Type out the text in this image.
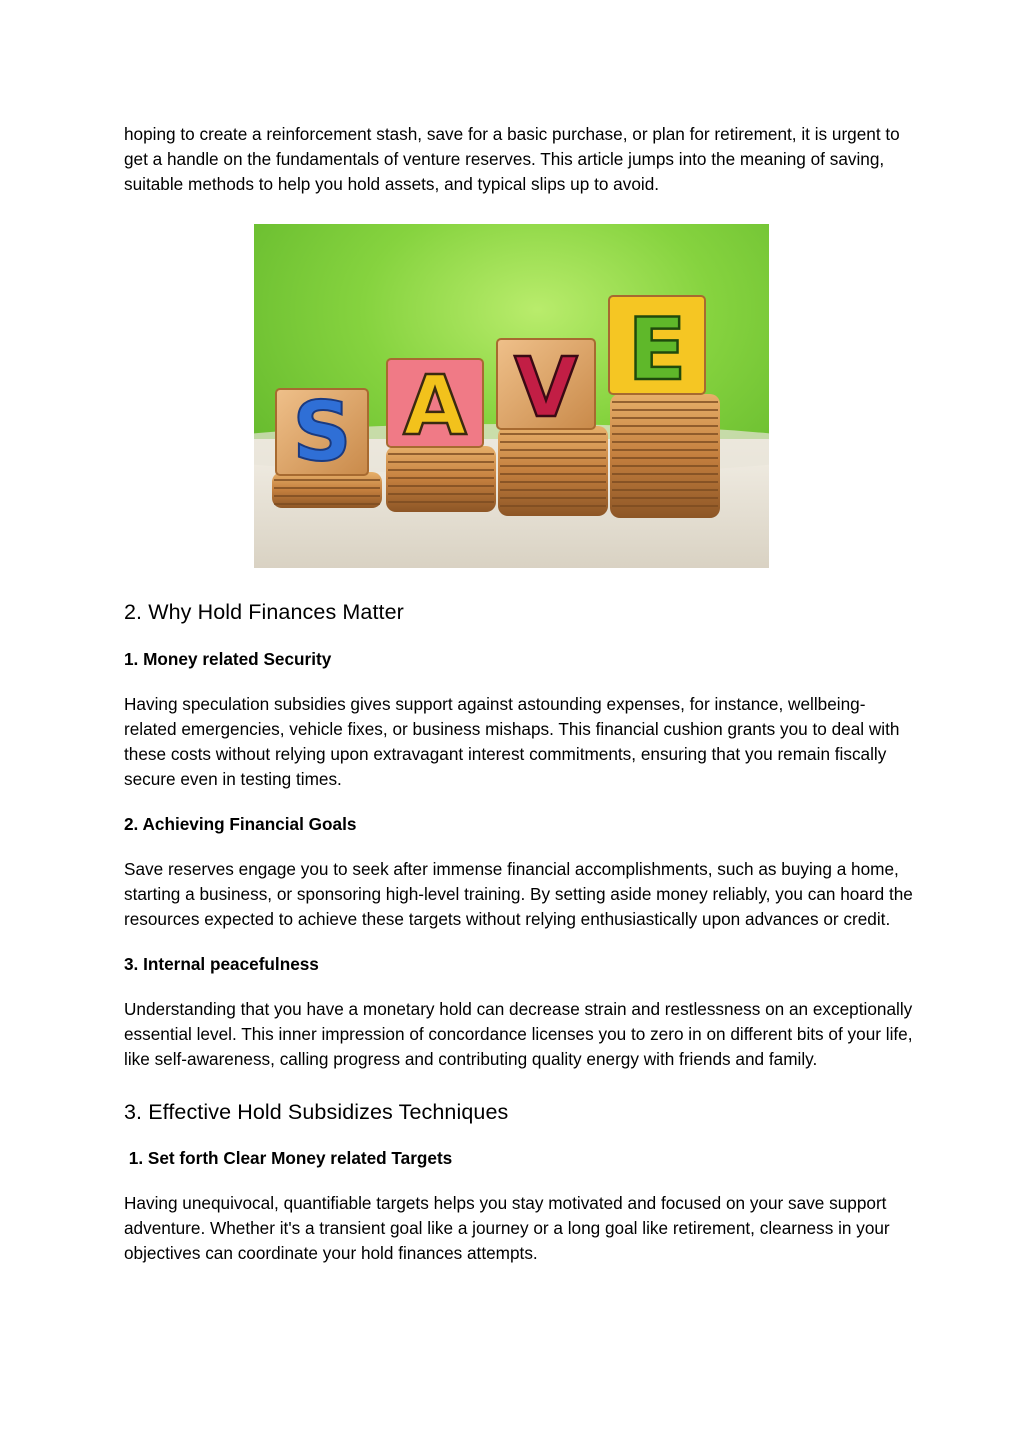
hoping to create a reinforcement stash, save for a basic purchase, or plan for retirement, it is urgent to get a handle on the fundamentals of venture reserves. This article jumps into the meaning of saving, suitable methods to help you hold assets, and typical slips up to avoid.

S A V E
2. Why Hold Finances Matter
1. Money related Security

Having speculation subsidies gives support against astounding expenses, for instance, wellbeing-related emergencies, vehicle fixes, or business mishaps. This financial cushion grants you to deal with these costs without relying upon extravagant interest commitments, ensuring that you remain fiscally secure even in testing times.

2. Achieving Financial Goals

Save reserves engage you to seek after immense financial accomplishments, such as buying a home, starting a business, or sponsoring high-level training. By setting aside money reliably, you can hoard the resources expected to achieve these targets without relying enthusiastically upon advances or credit.

3. Internal peacefulness

Understanding that you have a monetary hold can decrease strain and restlessness on an exceptionally essential level. This inner impression of concordance licenses you to zero in on different bits of your life, like self-awareness, calling progress and contributing quality energy with friends and family.

3. Effective Hold Subsidizes Techniques
1. Set forth Clear Money related Targets

Having unequivocal, quantifiable targets helps you stay motivated and focused on your save support adventure. Whether it's a transient goal like a journey or a long goal like retirement, clearness in your objectives can coordinate your hold finances attempts.
